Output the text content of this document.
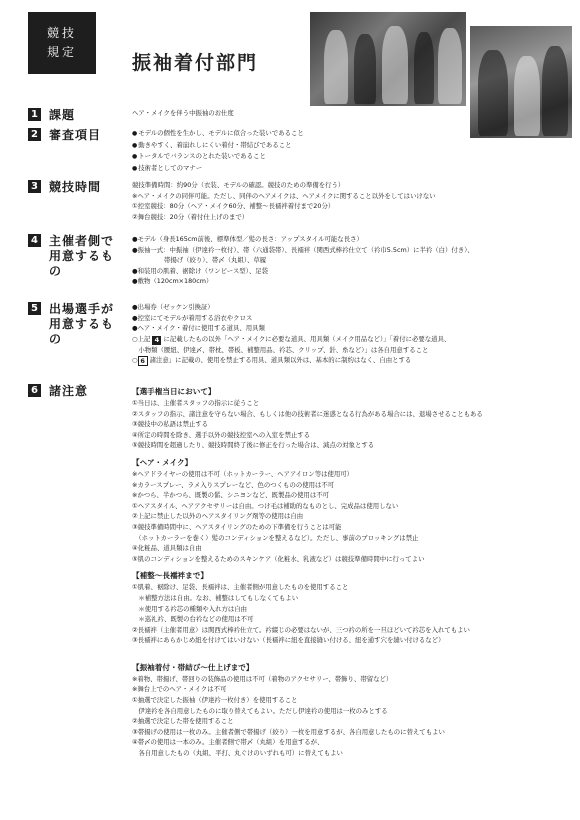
競技
規定	振袖着付部門
1 課題	ヘア・メイクを伴う中振袖のお仕度
2 審査項目
●	モデルの個性を生かし、モデルに似合った装いであること
● 動きやすく、着崩れしにくい着付・帯結びであること
● トータルでバランスのとれた装いであること
● 技術者としてのマナー
3 競技時間	競技準備時間：約90分（衣装、モデルの確認。競技のための準備を行う）
※ヘア・メイクの同伴可能。ただし、同伴のヘアメイクは、ヘアメイクに関すること以外をしてはいけない
①控室競技：80分（ヘア・メイク60分、補整～長襦袢着付まで20分）
②舞台競技：20分（着付仕上げのまで）
4 主催者側で
用意するもの
●モデル（身長165cm前後、標準体型／髪の長さ：アップスタイル可能な長さ）
●振袖一式：中振袖（伊達衿一枚付）、帯（六通袋帯）、長襦袢（関西式棒衿仕立て（衿巾5.5cm）に半衿（白）付き）、
　　　　　帯揚げ（絞り）、帯〆（丸組）、草履
●和装用の肌着、裾除け（ワンピース型）、足袋
●敷物（120cm×180cm）
5 出場選手が
用意するもの
●出場券（ゼッケン引換証）
●控室にてモデルが着用する浴衣やクロス
●ヘア・メイク・着付に使用する道具、用具類
○上記 4 に記載したもの以外「ヘア・メイクに必要な道具、用具類（メイク用品など）」「着付に必要な道具、
　小物類（腰紐、伊達〆、帯枕、帯板、補整用品、衿芯、クリップ、針、糸など）」は各自用意すること
○ 6 諸注意」に記載の、使用を禁止する用具、道具類以外は、基本的に制約はなく、自由とする
6 諸注意	【選手権当日において】
①当日は、主催者スタッフの指示に従うこと
②スタッフの指示、諸注意を守らない場合、もしくは他の技術者に迷惑となる行為がある場合には、退場させることもある
③競技中の私語は禁止する
④所定の時間を除き、選手以外の競技控室への入室を禁止する
⑤競技時間を超過したり、競技時間終了後に修正を行った場合は、減点の対象とする
【ヘア・メイク】
※ヘアドライヤーの使用は不可（ホットカーラー、ヘアアイロン等は使用可）
※カラースプレー、ラメ入りスプレーなど、色のつくものの使用は不可
※かつら、半かつら、既製の髷、シニヨンなど、既製品の使用は不可
①ヘアスタイル、ヘアアクセサリーは自由。つけ毛は補助的なものとし、完成品は使用しない
②上記に禁止した以外のヘアスタイリング剤等の使用は自由
③競技準備時間中に、ヘアスタイリングのための下準備を行うことは可能
　（ホットカーラーを巻く）髪のコンディションを整えるなど）。ただし、事前のブロッキングは禁止
④化粧品、道具類は自由
⑤肌のコンディションを整えるためのスキンケア（化粧水、乳液など）は競技準備時間中に行ってよい
【補整～長襦袢まで】
①肌着、裾除け、足袋、長襦袢は、主催者側が用意したものを使用すること
　＊補整方法は自由。なお、補整はしてもしなくてもよい
　＊使用する衿芯の種類や入れ方は自由
　＊巡礼衿、既製の台衿などの使用は不可
②長襦袢（主催者用意）は関西式棒衿仕立て。衿綴じの必要はないが、三つ衿の所を一旦ほどいて衿芯を入れてもよい
③長襦袢にあらかじめ紐を付けてはいけない（長襦袢に紐を直接縫い付ける、紐を通す穴を縫い付けるなど）
【振袖着付・帯結び～仕上げまで】
※着物、帯揚げ、帯回りの装飾品の使用は不可（着物のアクセサリー、帯飾り、帯留など）
※舞台上でのヘア・メイクは不可
①抽選で決定した振袖（伊達衿一枚付き）を使用すること
　伊達衿を各自用意したものに取り替えてもよい。ただし伊達衿の使用は一枚のみとする
②抽選で決定した帯を使用すること
③帯揚げの使用は一枚のみ。主催者側で帯揚げ（絞り）一枚を用意するが、各自用意したものに替えてもよい
④帯〆の使用は一本のみ。主催者側で帯〆（丸組）を用意するが、
　各自用意したもの（丸組、平打、丸ぐけのいずれも可）に替えてもよい
